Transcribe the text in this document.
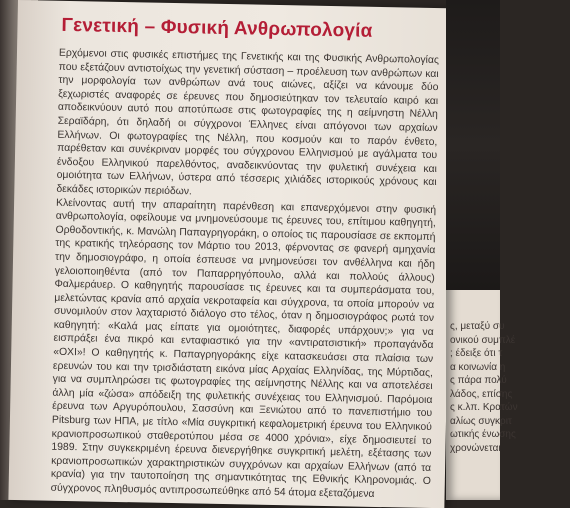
Γενετική – Φυσική Ανθρωπολογία

Ερχόμενοι στις φυσικές επιστήμες της Γενετικής και της Φυσικής Ανθρωπολογίας που εξετάζουν αντιστοίχως την γενετική σύσταση – προέλευση των ανθρώπων και την μορφολογία των ανθρώπων ανά τους αιώνες, αξίζει να κάνουμε δύο ξεχωριστές αναφορές σε έρευνες που δημοσιεύτηκαν τον τελευταίο καιρό και αποδεικνύουν αυτό που αποτύπωσε στις φωτογραφίες της η αείμνηστη Νέλλη Σεραϊδάρη, ότι δηλαδή οι σύγχρονοι Έλληνες είναι απόγονοι των αρχαίων Ελλήνων. Οι φωτογραφίες της Νέλλη, που κοσμούν και το παρόν ένθετο, παρέθεταν και συνέκριναν μορφές του σύγχρονου Ελληνισμού με αγάλματα του ένδοξου Ελληνικού παρελθόντος, αναδεικνύοντας την φυλετική συνέχεια και ομοιότητα των Ελλήνων, ύστερα από τέσσερις χιλιάδες ιστορικούς χρόνους και δεκάδες ιστορικών περιόδων.

Κλείνοντας αυτή την απαραίτητη παρένθεση και επανερχόμενοι στην φυσική ανθρωπολογία, οφείλουμε να μνημονεύσουμε τις έρευνες του, επίτιμου καθηγητή, Ορθοδοντικής, κ. Μανώλη Παπαγρηγοράκη, ο οποίος τις παρουσίασε σε εκπομπή της κρατικής τηλεόρασης τον Μάρτιο του 2013, φέρνοντας σε φανερή αμηχανία την δημοσιογράφο, η οποία έσπευσε να μνημονεύσει τον ανθέλληνα και ήδη γελοιοποιηθέντα (από τον Παπαρρηγόπουλο, αλλά και πολλούς άλλους) Φαλμεράυερ. Ο καθηγητής παρουσίασε τις έρευνες και τα συμπεράσματα του, μελετώντας κρανία από αρχαία νεκροταφεία και σύγχρονα, τα οποία μπορούν να συνομιλούν στον λαχταριστό διάλογο στο τέλος, όταν η δημοσιογράφος ρωτά τον καθηγητή: «Καλά μας είπατε για ομοιότητες, διαφορές υπάρχουν;» για να εισπράξει ένα πικρό και ενταφιαστικό για την «αντιρατσιστική» προπαγάνδα «ΟΧΙ»! Ο καθηγητής κ. Παπαγρηγοράκης είχε κατασκευάσει στα πλαίσια των ερευνών του και την τρισδιάστατη εικόνα μίας Αρχαίας Ελληνίδας, της Μύρτιδας, για να συμπληρώσει τις φωτογραφίες της αείμνηστης Νέλλης και να αποτελέσει άλλη μία «ζώσα» απόδειξη της φυλετικής συνέχειας του Ελληνισμού. Παρόμοια έρευνα των Αργυρόπουλου, Σασσύνη και Ξενιώτου από το πανεπιστήμιο του Pitsburg των ΗΠΑ, με τίτλο «Μία συγκριτική κεφαλομετρική έρευνα του Ελληνικού κρανιοπροσωπικού σταθεροτύπου μέσα σε 4000 χρόνια», είχε δημοσιευτεί το 1989. Στην συγκεκριμένη έρευνα διενεργήθηκε συγκριτική μελέτη, εξέτασης των κρανιοπροσωπικών χαρακτηριστικών συγχρόνων και αρχαίων Ελλήνων (από τα κρανία) για την ταυτοποίηση της σημαντικότητας της Εθνικής Κληρονομιάς. Ο σύγχρονος πληθυσμός αντιπροσωπεύθηκε από 54 άτομα εξεταζόμενα

ς, μεταξύ συ
ονικού συμπλέ
; έδειξε ότι τ
α κοινωνία η
ς πάρα πολύ
λάδος, επίσης
ς κ.λπ. Κρατών
αλίως συγκριτ
ωτικής ένωσης
χρονώνεται
